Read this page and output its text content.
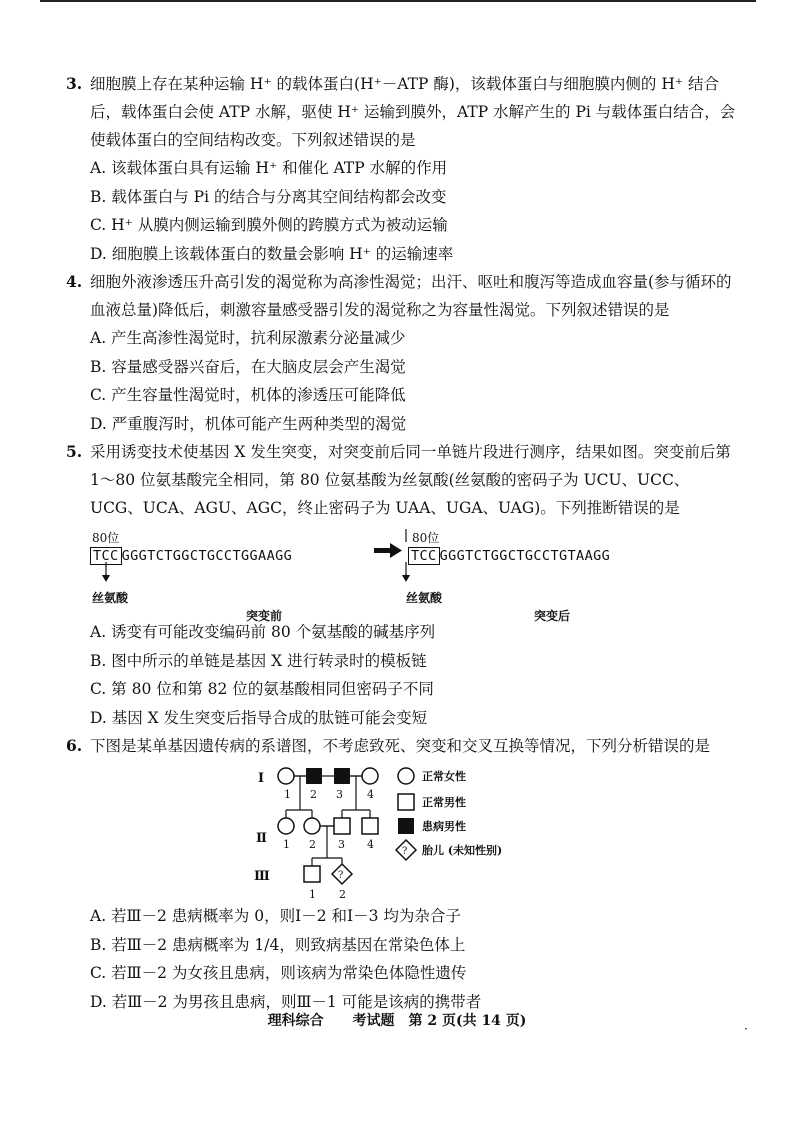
3. 细胞膜上存在某种运输 H⁺ 的载体蛋白(H⁺－ATP 酶)，该载体蛋白与细胞膜内侧的 H⁺ 结合后，载体蛋白会使 ATP 水解，驱使 H⁺ 运输到膜外，ATP 水解产生的 Pi 与载体蛋白结合，会使载体蛋白的空间结构改变。下列叙述错误的是
A. 该载体蛋白具有运输 H⁺ 和催化 ATP 水解的作用
B. 载体蛋白与 Pi 的结合与分离其空间结构都会改变
C. H⁺ 从膜内侧运输到膜外侧的跨膜方式为被动运输
D. 细胞膜上该载体蛋白的数量会影响 H⁺ 的运输速率
4. 细胞外液渗透压升高引发的渴觉称为高渗性渴觉；出汗、呕吐和腹泻等造成血容量(参与循环的血液总量)降低后，刺激容量感受器引发的渴觉称之为容量性渴觉。下列叙述错误的是
A. 产生高渗性渴觉时，抗利尿激素分泌量减少
B. 容量感受器兴奋后，在大脑皮层会产生渴觉
C. 产生容量性渴觉时，机体的渗透压可能降低
D. 严重腹泻时，机体可能产生两种类型的渴觉
5. 采用诱变技术使基因 X 发生突变，对突变前后同一单链片段进行测序，结果如图。突变前后第 1～80 位氨基酸完全相同，第 80 位氨基酸为丝氨酸(丝氨酸的密码子为 UCU、UCC、UCG、UCA、AGU、AGC，终止密码子为 UAA、UGA、UAG)。下列推断错误的是
80位
TCC GGGTCTGGCTGCCTGGAAGG
80位
TCC GGGTCTGGCTGCCTGTAAGG
丝氨酸	丝氨酸
突变前	突变后
A. 诱变有可能改变编码前 80 个氨基酸的碱基序列
B. 图中所示的单链是基因 X 进行转录时的模板链
C. 第 80 位和第 82 位的氨基酸相同但密码子不同
D. 基因 X 发生突变后指导合成的肽链可能会变短
6. 下图是某单基因遗传病的系谱图，不考虑致死、突变和交叉互换等情况，下列分析错误的是
Ⅰ
Ⅱ
Ⅲ
1 2 3 4
1 2 3 4
?
1 2
正常女性
正常男性
患病男性
? 胎儿 (未知性别)
A. 若Ⅲ－2 患病概率为 0，则Ⅰ－2 和Ⅰ－3 均为杂合子
B. 若Ⅲ－2 患病概率为 1/4，则致病基因在常染色体上
C. 若Ⅲ－2 为女孩且患病，则该病为常染色体隐性遗传
D. 若Ⅲ－2 为男孩且患病，则Ⅲ－1 可能是该病的携带者
理科综合 考试题　第 2 页(共 14 页)	·
